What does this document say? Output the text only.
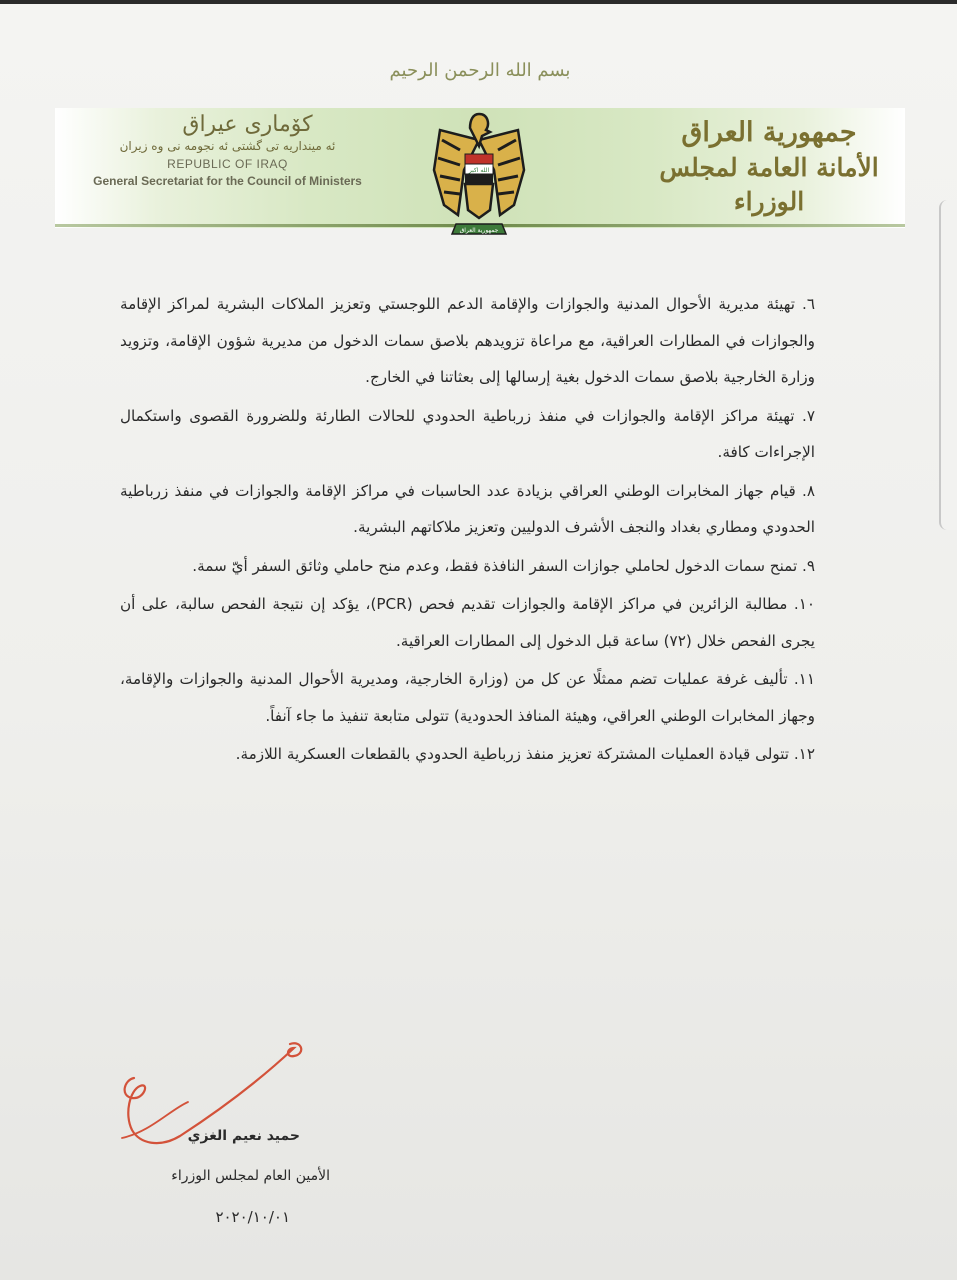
بسم الله الرحمن الرحيم
جمهورية العراق
الأمانة العامة لمجلس الوزراء
كۆماری عیراق
ئه مینداریه تی گشتی ئه نجومه نی وه زیران
REPUBLIC OF IRAQ
General Secretariat for the Council of Ministers
الله اكبر
جمهورية العراق

٦. تهيئة مديرية الأحوال المدنية والجوازات والإقامة الدعم اللوجستي وتعزيز الملاكات البشرية لمراكز الإقامة والجوازات في المطارات العراقية، مع مراعاة تزويدهم بلاصق سمات الدخول من مديرية شؤون الإقامة، وتزويد وزارة الخارجية بلاصق سمات الدخول بغية إرسالها إلى بعثاتنا في الخارج.

٧. تهيئة مراكز الإقامة والجوازات في منفذ زرباطية الحدودي للحالات الطارئة وللضرورة القصوى واستكمال الإجراءات كافة.

٨. قيام جهاز المخابرات الوطني العراقي بزيادة عدد الحاسبات في مراكز الإقامة والجوازات في منفذ زرباطية الحدودي ومطاري بغداد والنجف الأشرف الدوليين وتعزيز ملاكاتهم البشرية.

٩. تمنح سمات الدخول لحاملي جوازات السفر النافذة فقط، وعدم منح حاملي وثائق السفر أيّ سمة.

١٠. مطالبة الزائرين في مراكز الإقامة والجوازات تقديم فحص (PCR)، يؤكد إن نتيجة الفحص سالبة، على أن يجرى الفحص خلال (٧٢) ساعة قبل الدخول إلى المطارات العراقية.

١١. تأليف غرفة عمليات تضم ممثلًا عن كل من (وزارة الخارجية، ومديرية الأحوال المدنية والجوازات والإقامة، وجهاز المخابرات الوطني العراقي، وهيئة المنافذ الحدودية) تتولى متابعة تنفيذ ما جاء آنفاً.

١٢. تتولى قيادة العمليات المشتركة تعزيز منفذ زرباطية الحدودي بالقطعات العسكرية اللازمة.

حميد نعيم الغزي
الأمين العام لمجلس الوزراء
٢٠٢٠/١٠/٠١
